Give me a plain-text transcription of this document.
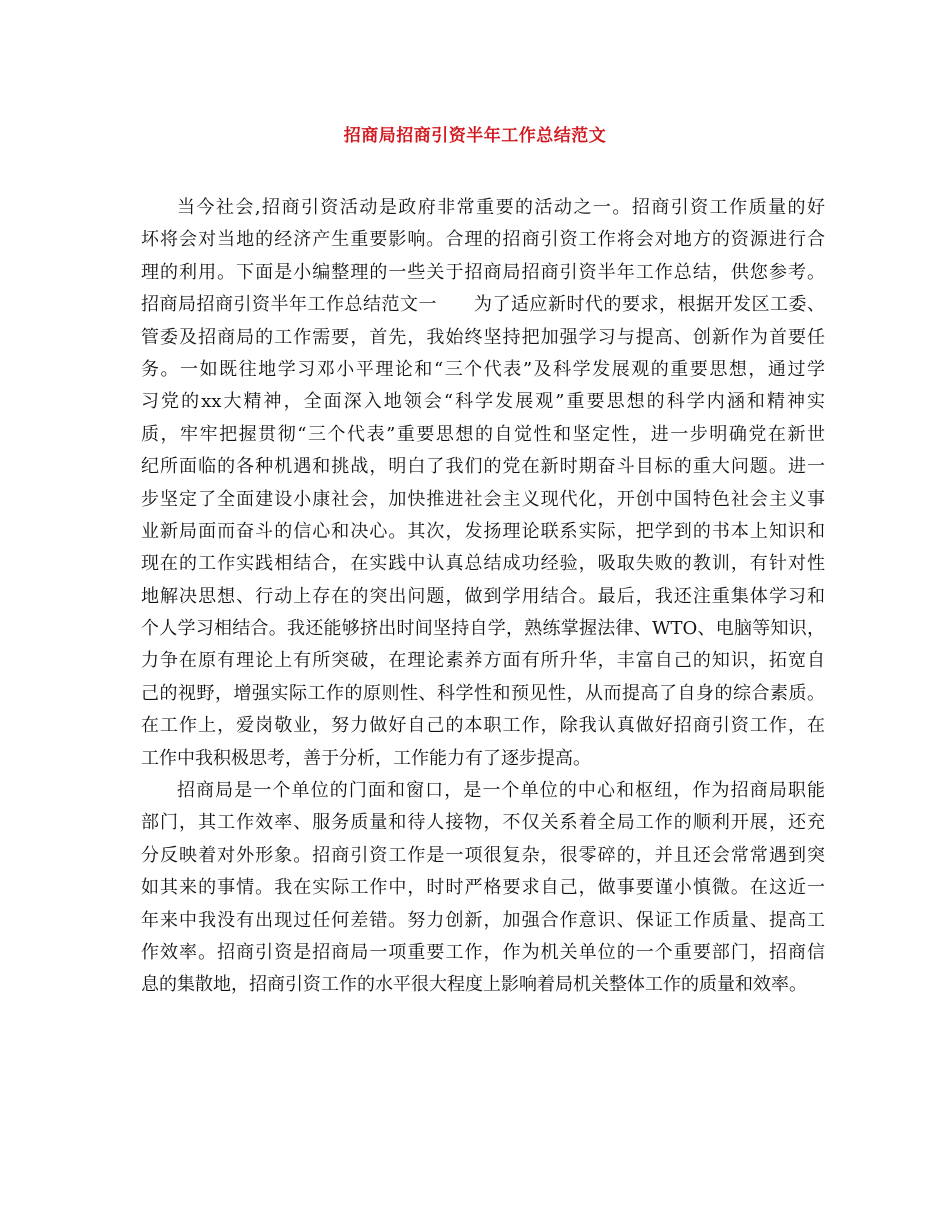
招商局招商引资半年工作总结范文
当今社会,招商引资活动是政府非常重要的活动之一。招商引资工作质量的好
坏将会对当地的经济产生重要影响。合理的招商引资工作将会对地方的资源进行合
理的利用。下面是小编整理的一些关于招商局招商引资半年工作总结，供您参考。
招商局招商引资半年工作总结范文一　　为了适应新时代的要求，根据开发区工委、
管委及招商局的工作需要，首先，我始终坚持把加强学习与提高、创新作为首要任
务。一如既往地学习邓小平理论和“三个代表”及科学发展观的重要思想，通过学
习党的xx大精神，全面深入地领会“科学发展观”重要思想的科学内涵和精神实
质，牢牢把握贯彻“三个代表”重要思想的自觉性和坚定性，进一步明确党在新世
纪所面临的各种机遇和挑战，明白了我们的党在新时期奋斗目标的重大问题。进一
步坚定了全面建设小康社会，加快推进社会主义现代化，开创中国特色社会主义事
业新局面而奋斗的信心和决心。其次，发扬理论联系实际，把学到的书本上知识和
现在的工作实践相结合，在实践中认真总结成功经验，吸取失败的教训，有针对性
地解决思想、行动上存在的突出问题，做到学用结合。最后，我还注重集体学习和
个人学习相结合。我还能够挤出时间坚持自学，熟练掌握法律、WTO、电脑等知识，
力争在原有理论上有所突破，在理论素养方面有所升华，丰富自己的知识，拓宽自
己的视野，增强实际工作的原则性、科学性和预见性，从而提高了自身的综合素质。
在工作上，爱岗敬业，努力做好自己的本职工作，除我认真做好招商引资工作，在
工作中我积极思考，善于分析，工作能力有了逐步提高。
招商局是一个单位的门面和窗口，是一个单位的中心和枢纽，作为招商局职能
部门，其工作效率、服务质量和待人接物，不仅关系着全局工作的顺利开展，还充
分反映着对外形象。招商引资工作是一项很复杂，很零碎的，并且还会常常遇到突
如其来的事情。我在实际工作中，时时严格要求自己，做事要谨小慎微。在这近一
年来中我没有出现过任何差错。努力创新，加强合作意识、保证工作质量、提高工
作效率。招商引资是招商局一项重要工作，作为机关单位的一个重要部门，招商信
息的集散地，招商引资工作的水平很大程度上影响着局机关整体工作的质量和效率。
